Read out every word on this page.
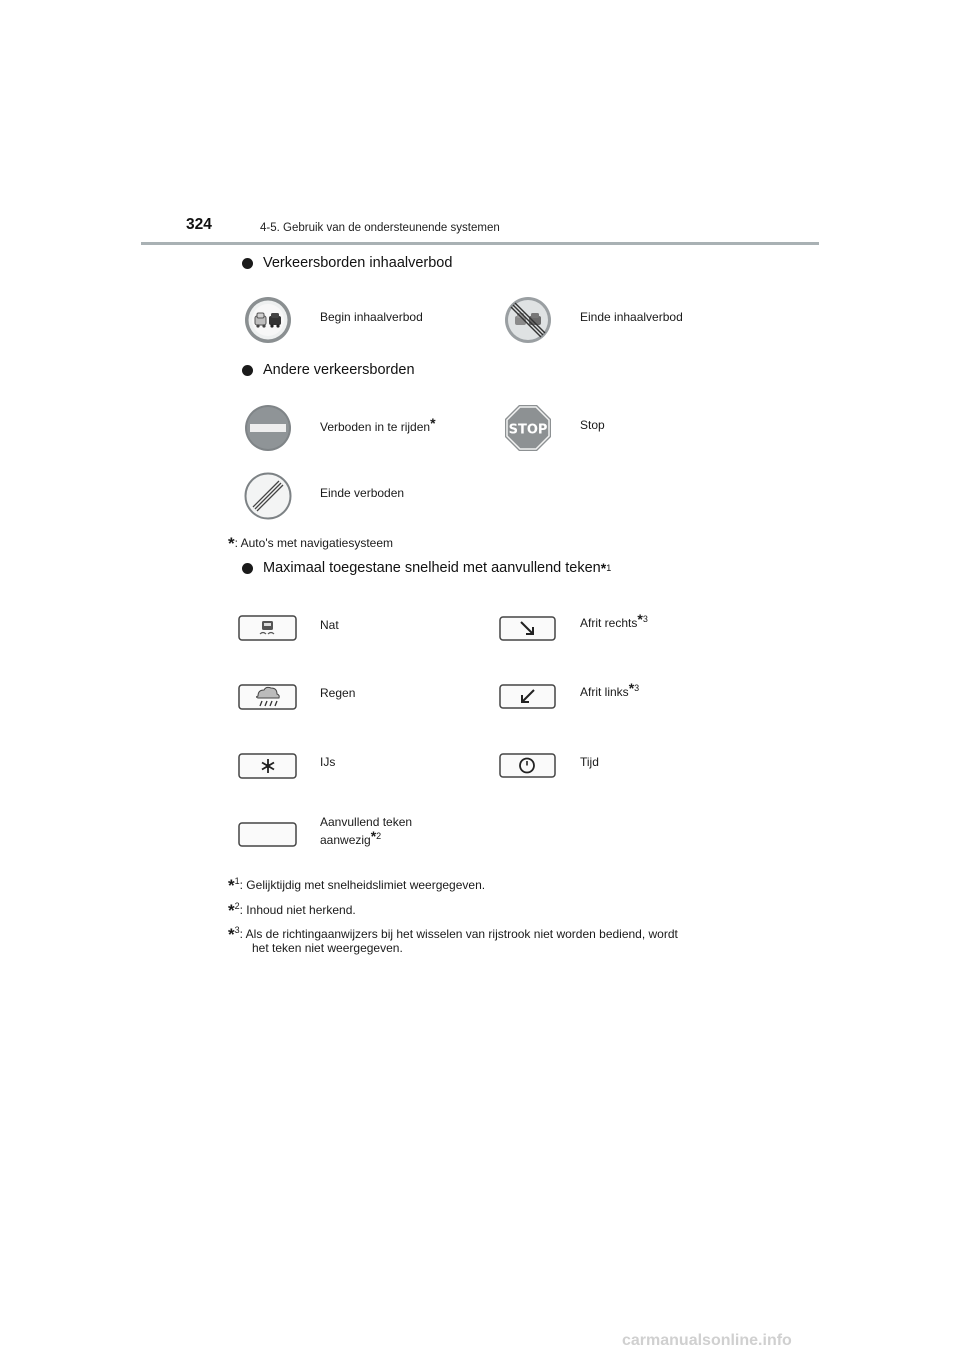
324	4-5. Gebruik van de ondersteunende systemen
Verkeersborden inhaalverbod
Begin inhaalverbod	Einde inhaalverbod
Andere verkeersborden
Verboden in te rijden*	STOP	Stop
Einde verboden
*: Auto's met navigatiesysteem
Maximaal toegestane snelheid met aanvullend teken * 1
Nat	Afrit rechts*$^3$
Regen	Afrit links*$^3$
IJs	Tijd
Aanvullend teken
aanwezig*$^2$
*$^1$: Gelijktijdig met snelheidslimiet weergegeven.
*$^2$: Inhoud niet herkend.
*$^3$: Als de richtingaanwijzers bij het wisselen van rijstrook niet worden bediend, wordt
het teken niet weergegeven.
carmanualsonline.info
